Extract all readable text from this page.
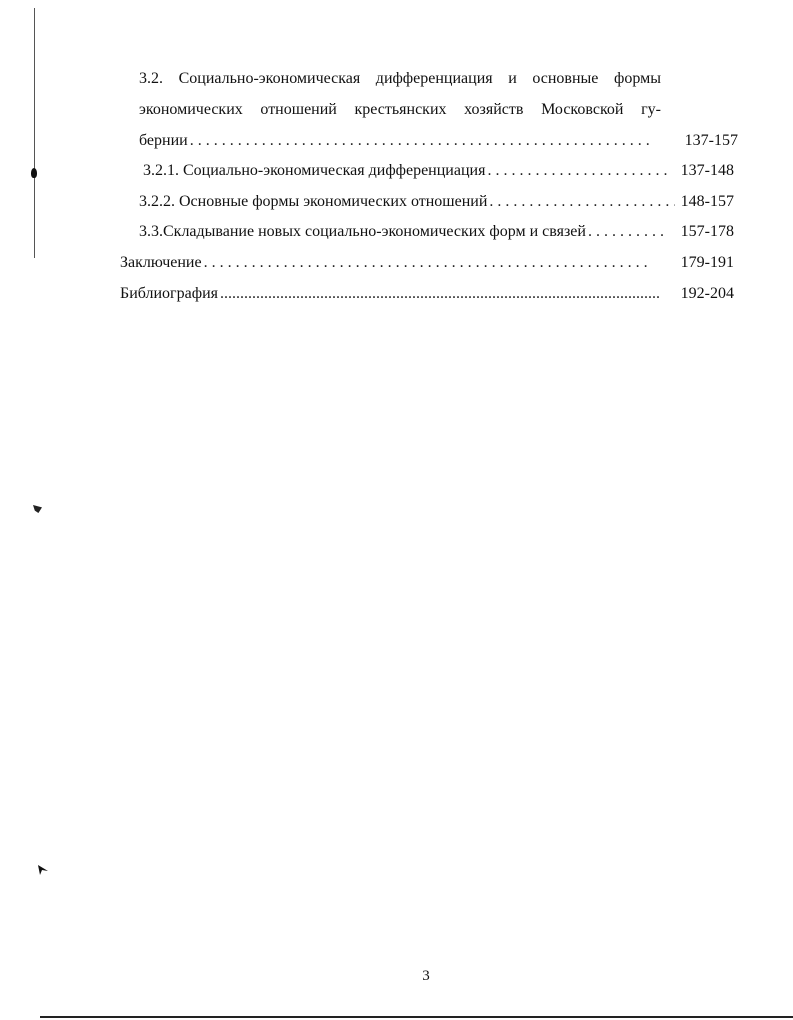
3.2. Социально-экономическая дифференциация и основные формы
экономических отношений крестьянских хозяйств Московской гу-
бернии . . .	137-157
3.2.1. Социально-экономическая дифференциация . . .	137-148
3.2.2. Основные формы экономических отношений . . .	148-157
3.3.Складывание новых социально-экономических форм и связей . . .	157-178
Заключение . . .	179-191
Библиография .....	192-204
3
